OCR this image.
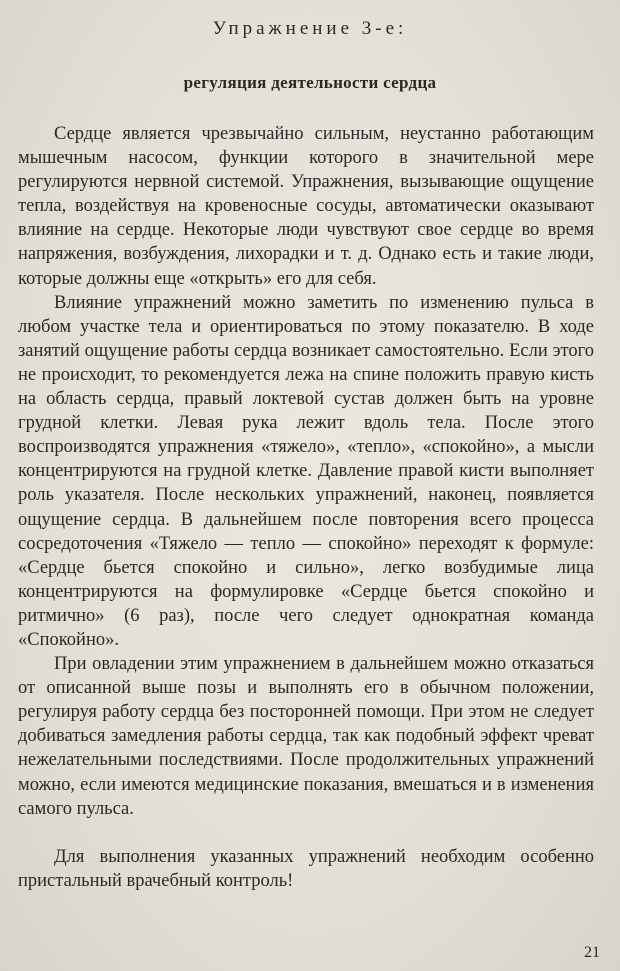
Упражнение 3-е:
регуляция деятельности сердца

Сердце является чрезвычайно сильным, неустанно работающим мышечным насосом, функции которого в значительной мере регулируются нервной системой. Упражнения, вызывающие ощущение тепла, воздействуя на кровеносные сосуды, автоматически оказывают влияние на сердце. Некоторые люди чувствуют свое сердце во время напряжения, возбуждения, лихорадки и т. д. Однако есть и такие люди, которые должны еще «открыть» его для себя.

Влияние упражнений можно заметить по изменению пульса в любом участке тела и ориентироваться по этому показателю. В ходе занятий ощущение работы сердца возникает самостоятельно. Если этого не происходит, то рекомендуется лежа на спине положить правую кисть на область сердца, правый локтевой сустав должен быть на уровне грудной клетки. Левая рука лежит вдоль тела. После этого воспроизводятся упражнения «тяжело», «тепло», «спокойно», а мысли концентрируются на грудной клетке. Давление правой кисти выполняет роль указателя. После нескольких упражнений, наконец, появляется ощущение сердца. В дальнейшем после повторения всего процесса сосредоточения «Тяжело — тепло — спокойно» переходят к формуле: «Сердце бьется спокойно и сильно», легко возбудимые лица концентрируются на формулировке «Сердце бьется спокойно и ритмично» (6 раз), после чего следует однократная команда «Спокойно».

При овладении этим упражнением в дальнейшем можно отказаться от описанной выше позы и выполнять его в обычном положении, регулируя работу сердца без посторонней помощи. При этом не следует добиваться замедления работы сердца, так как подобный эффект чреват нежелательными последствиями. После продолжительных упражнений можно, если имеются медицинские показания, вмешаться и в изменения самого пульса.

Для выполнения указанных упражнений необходим особенно пристальный врачебный контроль!

21
